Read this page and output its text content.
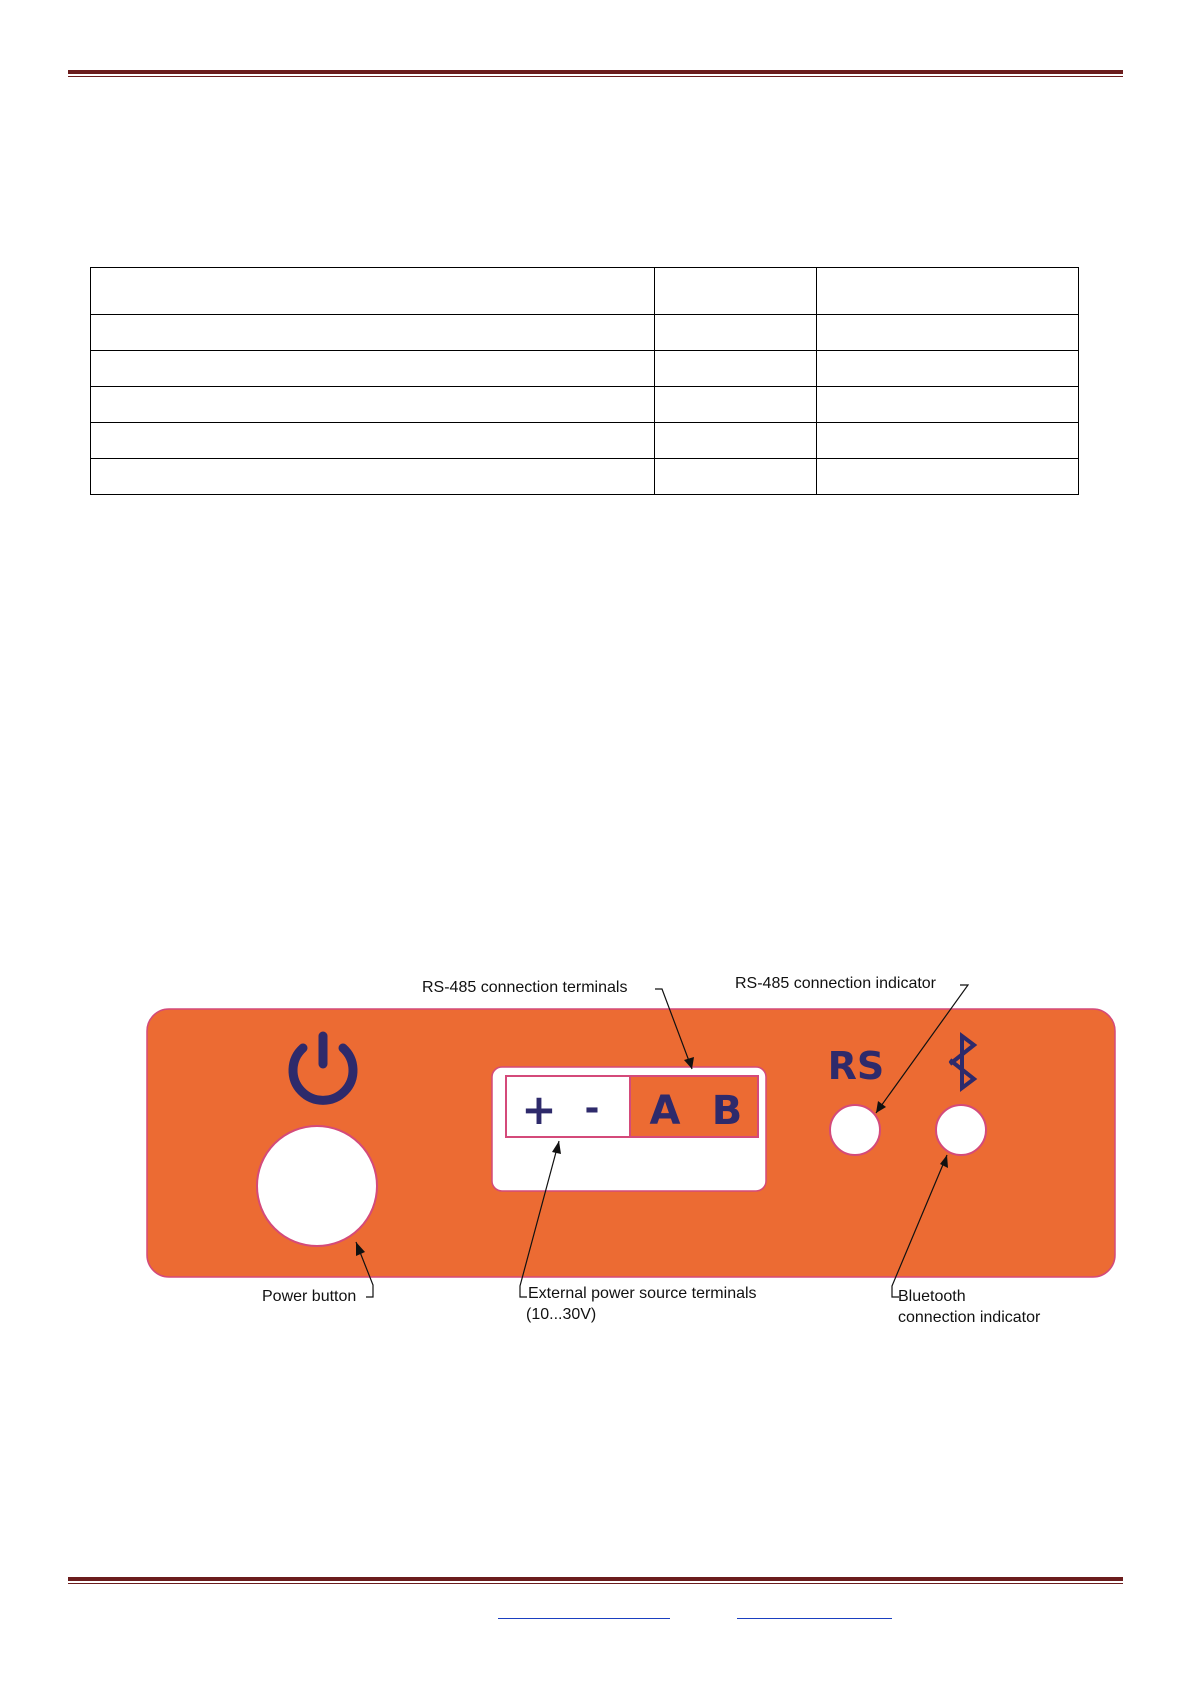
+ - A B
RS
RS-485 connection terminals	RS-485 connection indicator
Power button	External power source terminals
(10...30V)
Bluetooth
connection indicator
